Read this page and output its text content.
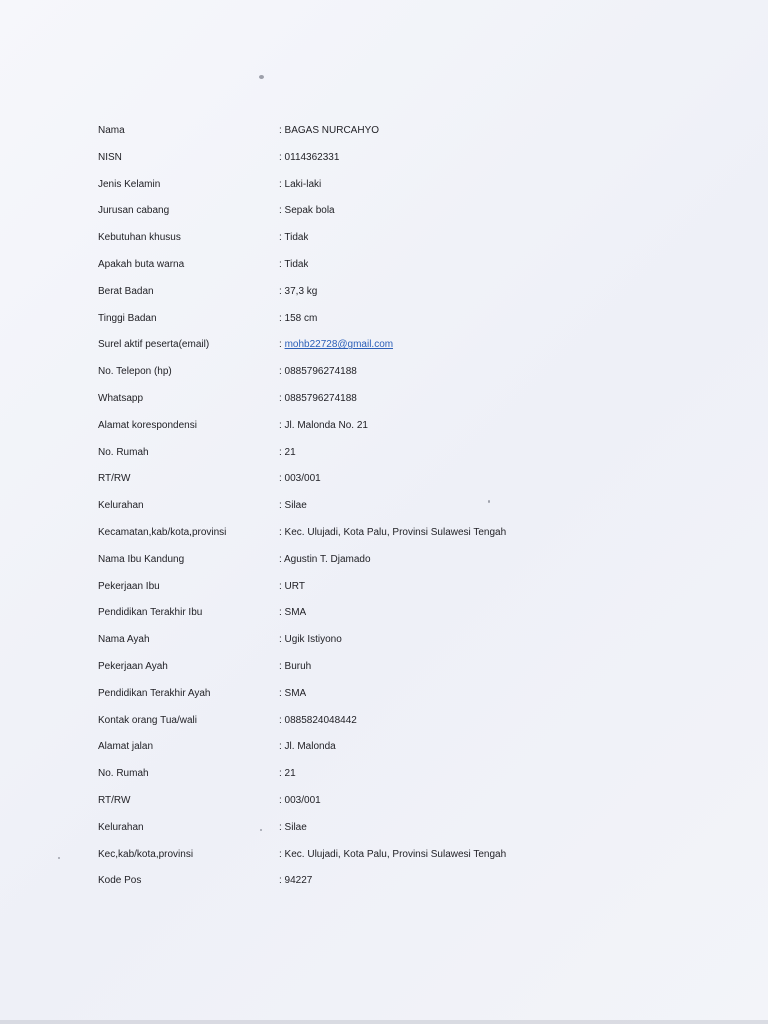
Nama	: BAGAS NURCAHYO
NISN	: 0114362331
Jenis Kelamin	: Laki-laki
Jurusan cabang	: Sepak bola
Kebutuhan khusus	: Tidak
Apakah buta warna	: Tidak
Berat Badan	: 37,3 kg
Tinggi Badan	: 158 cm
Surel aktif peserta(email)	: mohb22728@gmail.com
No. Telepon (hp)	: 0885796274188
Whatsapp	: 0885796274188
Alamat korespondensi	: Jl. Malonda No. 21
No. Rumah	: 21
RT/RW	: 003/001
Kelurahan	: Silae
Kecamatan,kab/kota,provinsi	: Kec. Ulujadi, Kota Palu, Provinsi Sulawesi Tengah
Nama Ibu Kandung	: Agustin T. Djamado
Pekerjaan Ibu	: URT
Pendidikan Terakhir Ibu	: SMA
Nama Ayah	: Ugik Istiyono
Pekerjaan Ayah	: Buruh
Pendidikan Terakhir Ayah	: SMA
Kontak orang Tua/wali	: 0885824048442
Alamat jalan	: Jl. Malonda
No. Rumah	: 21
RT/RW	: 003/001
Kelurahan	: Silae
Kec,kab/kota,provinsi	: Kec. Ulujadi, Kota Palu, Provinsi Sulawesi Tengah
Kode Pos	: 94227
